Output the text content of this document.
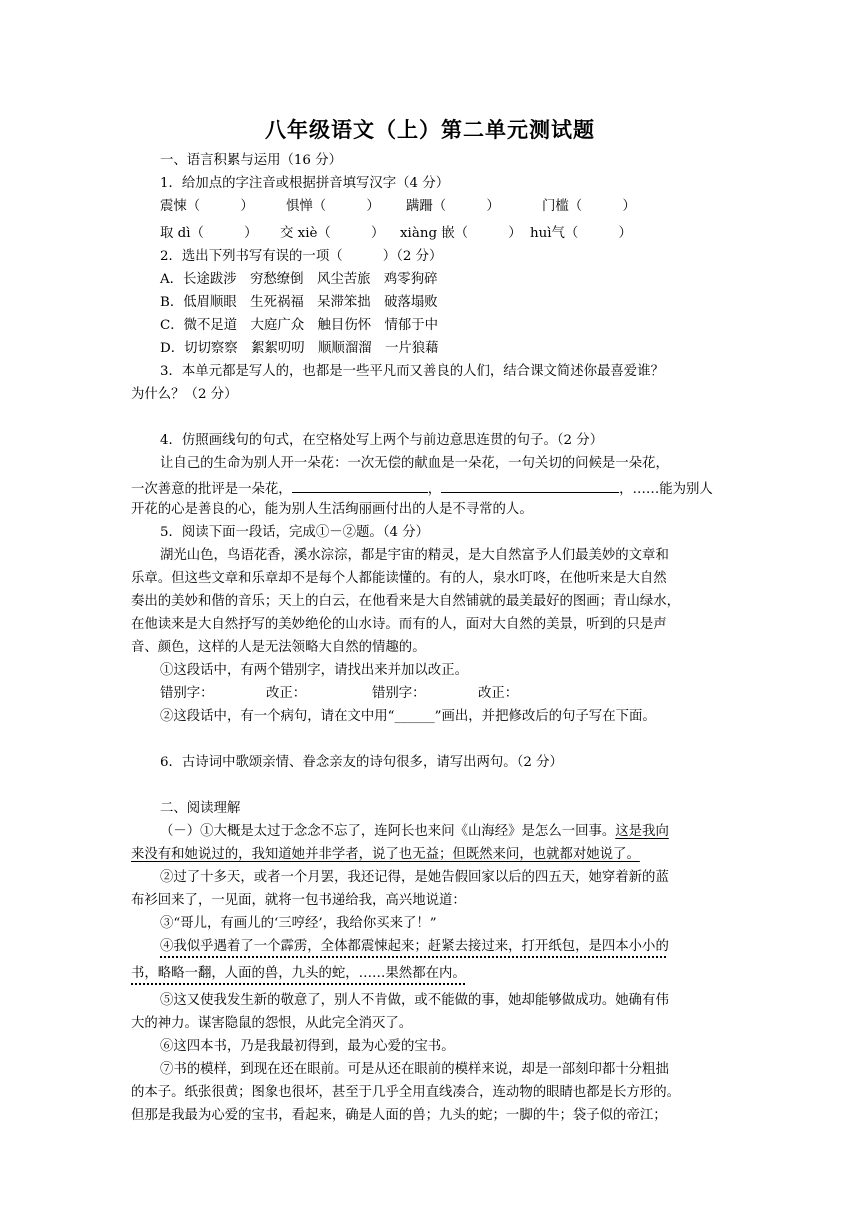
八年级语文（上）第二单元测试题
一、语言积累与运用（16 分）
1．给加点的字注音或根据拼音填写汉字（4 分）
震悚（　　　） 惧惮（　　　） 蹒跚（　　　）	门槛（　　　）
取 dì（　　　） 交 xiè（　　　） xiàng 嵌（　　　） huì气（　　　）
2．选出下列书写有误的一项（　　　）（2 分）
A．长途跋涉　穷愁缭倒　风尘苦旅　鸡零狗碎
B．低眉顺眼　生死祸福　呆滞笨拙　破落塌败
C．微不足道　大庭广众　触目伤怀　情郁于中
D．切切察察　絮絮叨叨　顺顺溜溜　一片狼藉
3．本单元都是写人的，也都是一些平凡而又善良的人们，结合课文简述你最喜爱谁？
为什么？（2 分）
4．仿照画线句的句式，在空格处写上两个与前边意思连贯的句子。（2 分）
让自己的生命为别人开一朵花：一次无偿的献血是一朵花，一句关切的问候是一朵花，
一次善意的批评是一朵花，	，	，……能为别人
开花的心是善良的心，能为别人生活绚丽画付出的人是不寻常的人。
5．阅读下面一段话，完成①－②题。（4 分）
湖光山色，鸟语花香，溪水淙淙，都是宇宙的精灵，是大自然富予人们最美妙的文章和
乐章。但这些文章和乐章却不是每个人都能读懂的。有的人，泉水叮咚，在他听来是大自然
奏出的美妙和偕的音乐；天上的白云，在他看来是大自然铺就的最美最好的图画；青山绿水，
在他读来是大自然抒写的美妙绝伦的山水诗。而有的人，面对大自然的美景，听到的只是声
音、颜色，这样的人是无法领略大自然的情趣的。
①这段话中，有两个错别字，请找出来并加以改正。
错别字：	改正：	错别字：	改正：
②这段话中，有一个病句，请在文中用“______”画出，并把修改后的句子写在下面。
6．古诗词中歌颂亲情、眷念亲友的诗句很多，请写出两句。（2 分）
二、阅读理解
（－）①大概是太过于念念不忘了，连阿长也来问《山海经》是怎么一回事。这是我向
来没有和她说过的，我知道她并非学者，说了也无益；但既然来问，也就都对她说了。
②过了十多天，或者一个月罢，我还记得，是她告假回家以后的四五天，她穿着新的蓝
布衫回来了，一见面，就将一包书递给我，高兴地说道：
③“哥儿，有画儿的‘三哼经’，我给你买来了！”
④我似乎遇着了一个霹雳，全体都震悚起来；赶紧去接过来，打开纸包，是四本小小的
书，略略一翻，人面的兽，九头的蛇，……果然都在内。
⑤这又使我发生新的敬意了，别人不肯做，或不能做的事，她却能够做成功。她确有伟
大的神力。谋害隐鼠的怨恨，从此完全消灭了。
⑥这四本书，乃是我最初得到，最为心爱的宝书。
⑦书的模样，到现在还在眼前。可是从还在眼前的模样来说，却是一部刻印都十分粗拙
的本子。纸张很黄；图象也很坏，甚至于几乎全用直线凑合，连动物的眼睛也都是长方形的。
但那是我最为心爱的宝书，看起来，确是人面的兽；九头的蛇；一脚的牛；袋子似的帝江；
